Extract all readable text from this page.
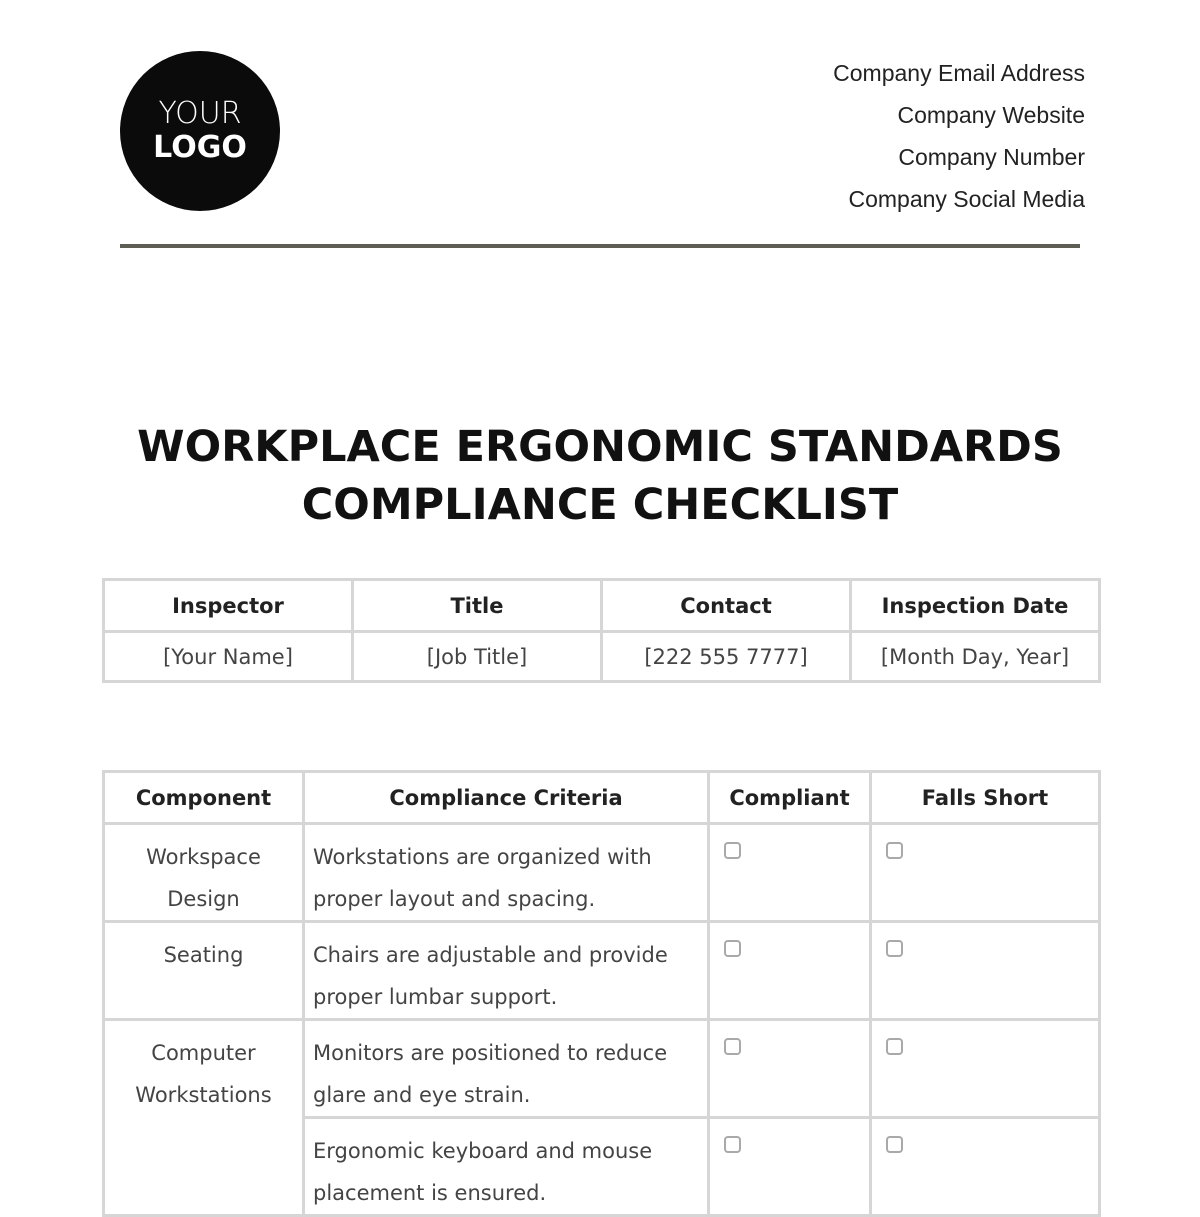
YOUR
LOGO
Company Email Address
Company Website
Company Number
Company Social Media
WORKPLACE ERGONOMIC STANDARDS
COMPLIANCE CHECKLIST
Inspector	Title	Contact	Inspection Date
[Your Name]	[Job Title]	[222 555 7777]	[Month Day, Year]
Component	Compliance Criteria	Compliant	Falls Short
Workspace Design	Workstations are organized with proper layout and spacing.	

Seating	Chairs are adjustable and provide proper lumbar support.	

Computer Workstations	Monitors are positioned to reduce glare and eye strain.	

	Ergonomic keyboard and mouse placement is ensured.	
